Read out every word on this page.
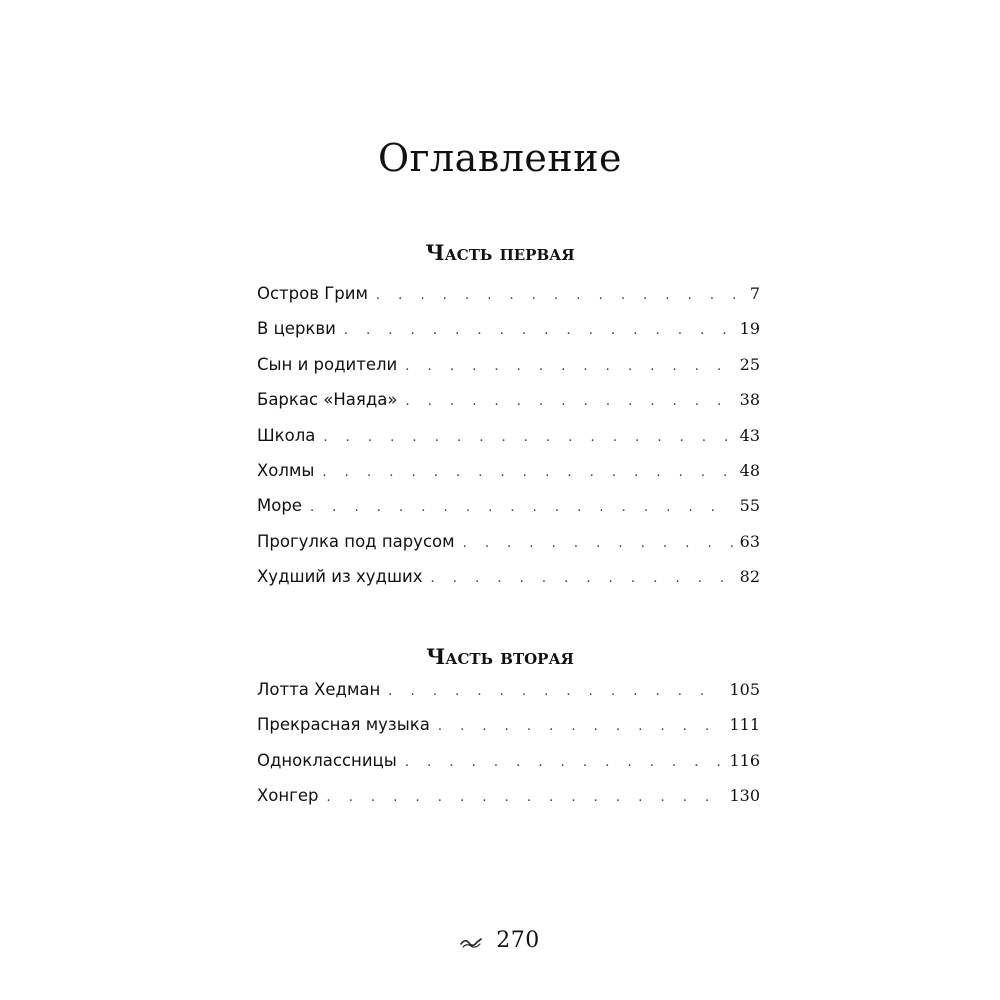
Оглавление
Часть первая
Остров Грим . . .	7
В церкви . . .	19
Сын и родители . . .	25
Баркас «Наяда» . . .	38
Школа . . .	43
Холмы . . .	48
Море . . .	55
Прогулка под парусом . . .	63
Худший из худших . . .	82
Часть вторая
Лотта Хедман . . .	105
Прекрасная музыка . . .	111
Одноклассницы . . .	116
Хонгер . . .	130
270
